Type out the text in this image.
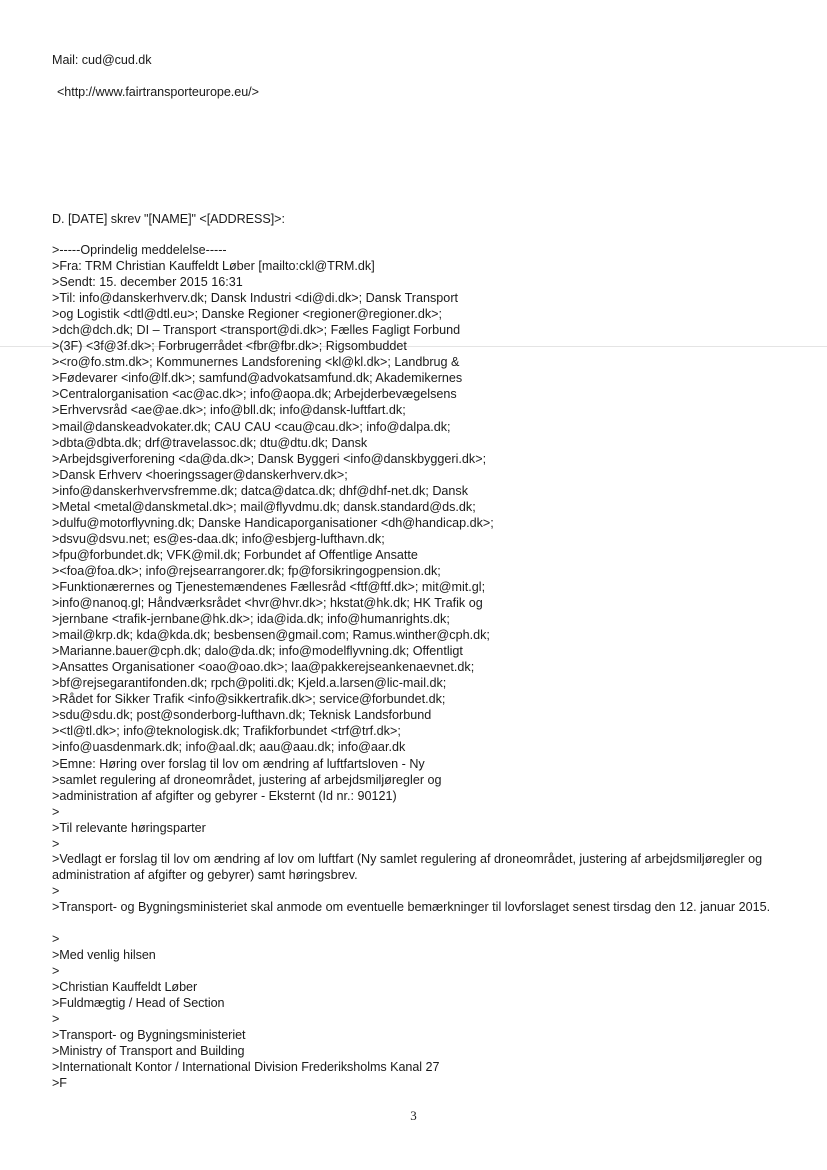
Mail: cud@cud.dk
<http://www.fairtransporteurope.eu/>
D. [DATE] skrev "[NAME]" <[ADDRESS]>:
>-----Oprindelig meddelelse-----
>Fra: TRM Christian Kauffeldt Løber [mailto:ckl@TRM.dk]
>Sendt: 15. december 2015 16:31
>Til: info@danskerhverv.dk; Dansk Industri <di@di.dk>; Dansk Transport
>og Logistik <dtl@dtl.eu>; Danske Regioner <regioner@regioner.dk>;
>dch@dch.dk; DI – Transport <transport@di.dk>; Fælles Fagligt Forbund
>(3F) <3f@3f.dk>; Forbrugerrådet <fbr@fbr.dk>; Rigsombuddet
><ro@fo.stm.dk>; Kommunernes Landsforening <kl@kl.dk>; Landbrug &
>Fødevarer <info@lf.dk>; samfund@advokatsamfund.dk; Akademikernes
>Centralorganisation <ac@ac.dk>; info@aopa.dk; Arbejderbevægelsens
>Erhvervsråd <ae@ae.dk>; info@bll.dk; info@dansk-luftfart.dk;
>mail@danskeadvokater.dk; CAU CAU <cau@cau.dk>; info@dalpa.dk;
>dbta@dbta.dk; drf@travelassoc.dk; dtu@dtu.dk; Dansk
>Arbejdsgiverforening <da@da.dk>; Dansk Byggeri <info@danskbyggeri.dk>;
>Dansk Erhverv <hoeringssager@danskerhverv.dk>;
>info@danskerhvervsfremme.dk; datca@datca.dk; dhf@dhf-net.dk; Dansk
>Metal <metal@danskmetal.dk>; mail@flyvdmu.dk; dansk.standard@ds.dk;
>dulfu@motorflyvning.dk; Danske Handicaporganisationer <dh@handicap.dk>;
>dsvu@dsvu.net; es@es-daa.dk; info@esbjerg-lufthavn.dk;
>fpu@forbundet.dk; VFK@mil.dk; Forbundet af Offentlige Ansatte
><foa@foa.dk>; info@rejsearrangorer.dk; fp@forsikringogpension.dk;
>Funktionærernes og Tjenestemændenes Fællesråd <ftf@ftf.dk>; mit@mit.gl;
>info@nanoq.gl; Håndværksrådet <hvr@hvr.dk>; hkstat@hk.dk; HK Trafik og
>jernbane <trafik-jernbane@hk.dk>; ida@ida.dk; info@humanrights.dk;
>mail@krp.dk; kda@kda.dk; besbensen@gmail.com; Ramus.winther@cph.dk;
>Marianne.bauer@cph.dk; dalo@da.dk; info@modelflyvning.dk; Offentligt
>Ansattes Organisationer <oao@oao.dk>; laa@pakkerejseankenaevnet.dk;
>bf@rejsegarantifonden.dk; rpch@politi.dk; Kjeld.a.larsen@lic-mail.dk;
>Rådet for Sikker Trafik <info@sikkertrafik.dk>; service@forbundet.dk;
>sdu@sdu.dk; post@sonderborg-lufthavn.dk; Teknisk Landsforbund
><tl@tl.dk>; info@teknologisk.dk; Trafikforbundet <trf@trf.dk>;
>info@uasdenmark.dk; info@aal.dk; aau@aau.dk; info@aar.dk
>Emne: Høring over forslag til lov om ændring af luftfartsloven - Ny
>samlet regulering af droneområdet, justering af arbejdsmiljøregler og
>administration af afgifter og gebyrer - Eksternt (Id nr.: 90121)
>
>Til relevante høringsparter
>
>Vedlagt er forslag til lov om ændring af lov om luftfart (Ny samlet regulering af droneområdet, justering af arbejdsmiljøregler og administration af afgifter og gebyrer) samt høringsbrev.
>
>Transport- og Bygningsministeriet skal anmode om eventuelle bemærkninger til lovforslaget senest tirsdag den 12. januar 2015.
>
>Med venlig hilsen
>
>Christian Kauffeldt Løber
>Fuldmægtig / Head of Section
>
>Transport- og Bygningsministeriet
>Ministry of Transport and Building
>Internationalt Kontor / International Division Frederiksholms Kanal 27
>F
3
